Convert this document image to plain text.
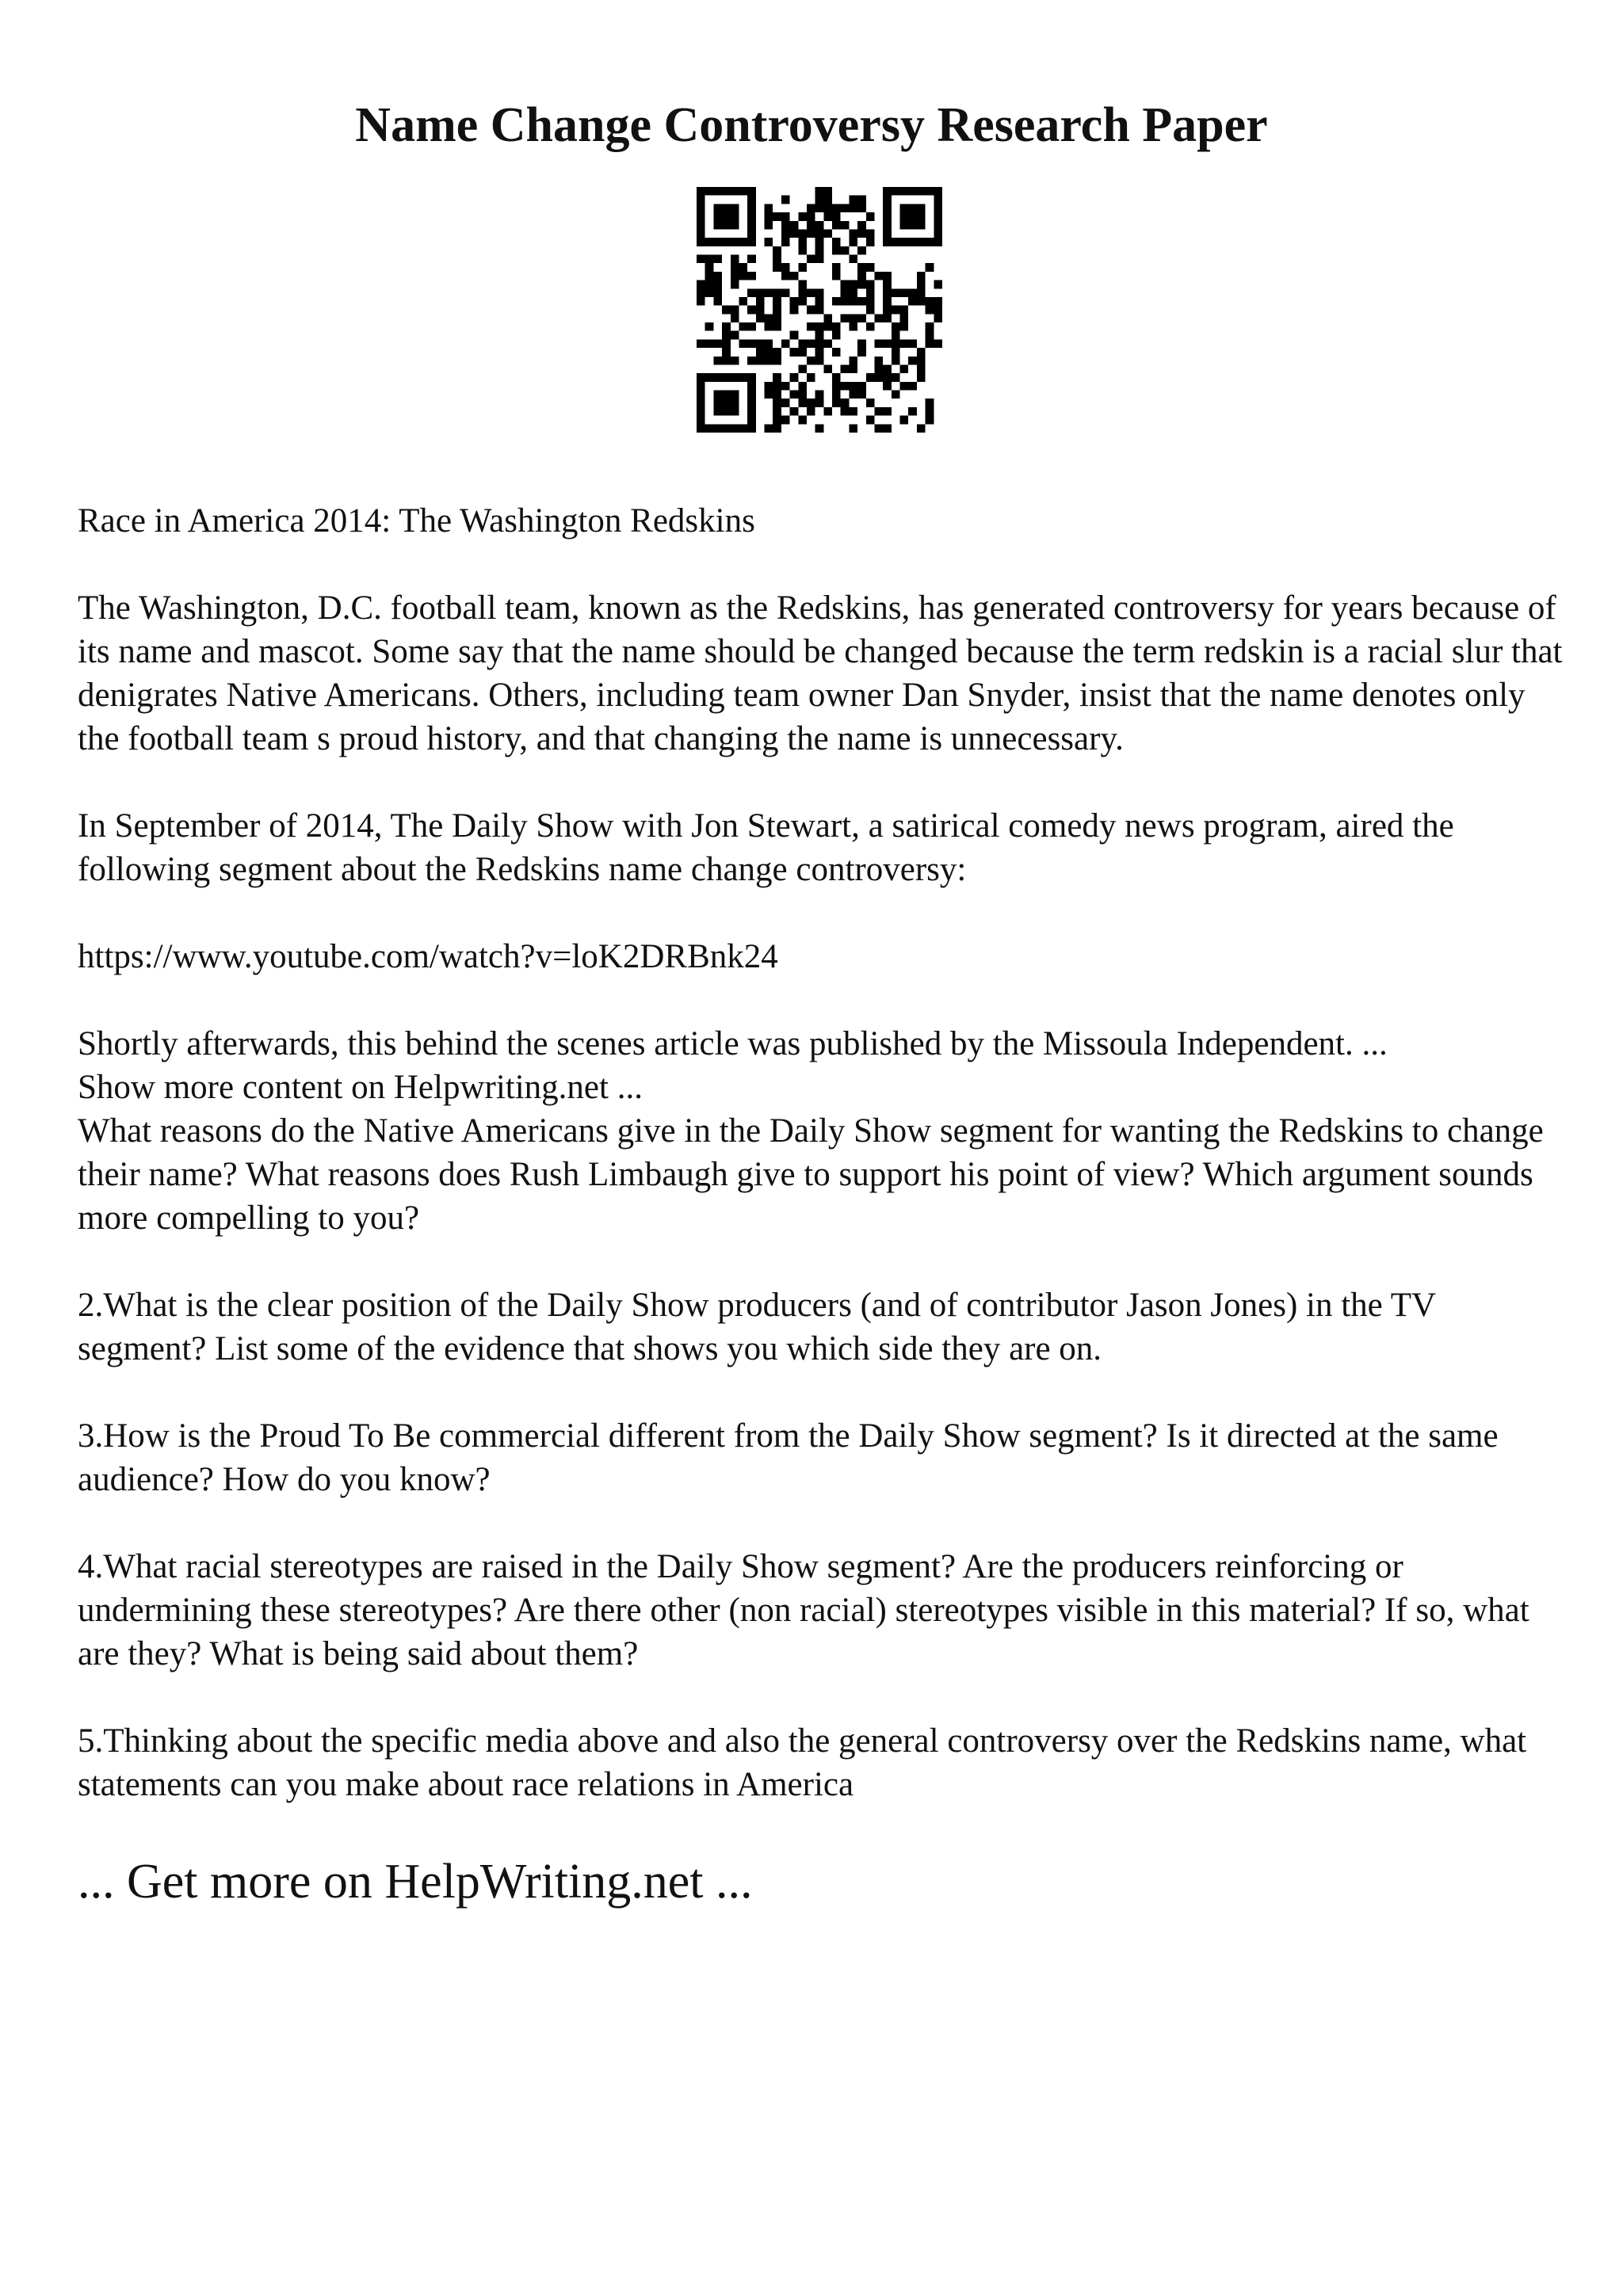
Name Change Controversy Research Paper

Race in America 2014: The Washington Redskins

The Washington, D.C. football team, known as the Redskins, has generated controversy for years because of its name and mascot. Some say that the name should be changed because the term redskin is a racial slur that denigrates Native Americans. Others, including team owner Dan Snyder, insist that the name denotes only the football team s proud history, and that changing the name is unnecessary.

In September of 2014, The Daily Show with Jon Stewart, a satirical comedy news program, aired the following segment about the Redskins name change controversy:

https://www.youtube.com/watch?v=loK2DRBnk24

Shortly afterwards, this behind the scenes article was published by the Missoula Independent. ...

Show more content on Helpwriting.net ...

What reasons do the Native Americans give in the Daily Show segment for wanting the Redskins to change their name? What reasons does Rush Limbaugh give to support his point of view? Which argument sounds more compelling to you?

2.What is the clear position of the Daily Show producers (and of contributor Jason Jones) in the TV segment? List some of the evidence that shows you which side they are on.

3.How is the Proud To Be commercial different from the Daily Show segment? Is it directed at the same audience? How do you know?

4.What racial stereotypes are raised in the Daily Show segment? Are the producers reinforcing or undermining these stereotypes? Are there other (non racial) stereotypes visible in this material? If so, what are they? What is being said about them?

5.Thinking about the specific media above and also the general controversy over the Redskins name, what statements can you make about race relations in America

... Get more on HelpWriting.net ...
